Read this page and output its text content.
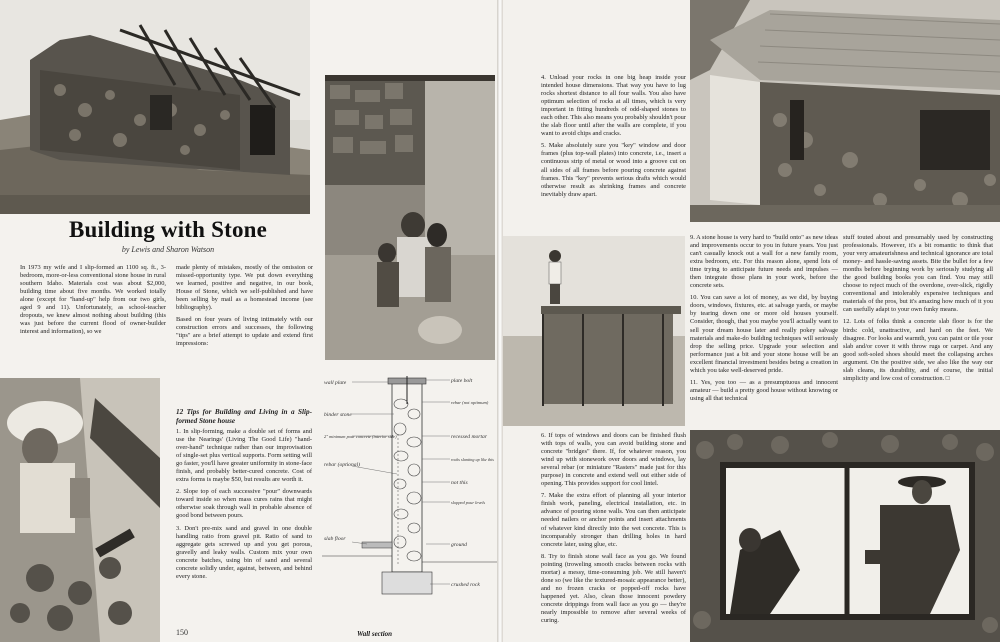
Building with Stone
by Lewis and Sharon Watson

In 1973 my wife and I slip-formed an 1100 sq. ft., 3-bedroom, more-or-less conventional stone house in rural southern Idaho. Materials cost was about $2,000, building time about five months. We worked totally alone (except for "hand-up" help from our two girls, aged 9 and 11). Unfortunately, as school-teacher dropouts, we knew almost nothing about building (this was just before the current flood of owner-builder interest and information), so we

made plenty of mistakes, mostly of the omission or missed-opportunity type. We put down everything we learned, positive and negative, in our book, House of Stone, which we self-published and have been selling by mail as a homestead income (see bibliography).

Based on four years of living intimately with our construction errors and successes, the following "tips" are a brief attempt to update and extend first impressions:

12 Tips for Building and Living in a Slip-formed Stone house

1. In slip-forming, make a double set of forms and use the Nearings' (Living The Good Life) "hand-over-hand" technique rather than our improvisation of single-set plus vertical supports. Form setting will go faster, you'll have greater uniformity in stone-face finish, and probably better-cured concrete. Cost of extra forms is maybe $50, but results are worth it.

2. Slope top of each successive "pour" downwards toward inside so when mass cures rains that might otherwise soak through wall in probable absence of good bond between pours.

3. Don't pre-mix sand and gravel in one double handling ratio from gravel pit. Ratio of sand to aggregate gets screwed up and you get porous, gravelly and leaky walls. Custom mix your own concrete batches, using bin of sand and several concrete solidly under, against, between, and behind every stone.

wall plate
binder stone
2" minimum pour concrete (interior side)
rebar (optional)
slab floor
plate bolt
rebar (not optimum)
recessed mortar
rocks slanting up like this
not this
slopped pour levels
ground
crushed rock
Wall section
150

4. Unload your rocks in one big heap inside your intended house dimensions. That way you have to lug rocks shortest distance to all four walls. You also have optimum selection of rocks at all times, which is very important in fitting hundreds of odd-shaped stones to each other. This also means you probably shouldn't pour the slab floor until after the walls are complete, if you want to avoid chips and cracks.

5. Make absolutely sure you "key" window and door frames (plus top-wall plates) into concrete, i.e., insert a continuous strip of metal or wood into a groove cut on all sides of all frames before pouring concrete against frames. This "key" prevents serious drafts which would otherwise result as shrinking frames and concrete inevitably draw apart.

6. If tops of windows and doors can be finished flush with tops of walls, you can avoid building stone and concrete "bridges" there. If, for whatever reason, you wind up with stonework over doors and windows, lay several rebar (or miniature "Rasters" made just for this purpose) in concrete and extend well out either side of opening. This provides support for cool lintel.

7. Make the extra effort of planning all your interior finish work, paneling, electrical installation, etc. in advance of pouring stone walls. You can then anticipate needed nailers or anchor points and insert attachments of whatever kind directly into the wet concrete. This is incomparably stronger than drilling holes in hard concrete later, using glue, etc.

8. Try to finish stone wall face as you go. We found pointing (troweling smooth cracks between rocks with mortar) a messy, time-consuming job. We still haven't done so (we like the textured-mosaic appearance better), and no frozen cracks or popped-off rocks have happened yet. Also, clean those innocent powdery concrete drippings from wall face as you go — they're nearly impossible to remove after several weeks of curing.

9. A stone house is very hard to "build onto" as new ideas and improvements occur to you in future years. You just can't casually knock out a wall for a new family room, extra bedroom, etc. For this reason alone, spend lots of time trying to anticipate future needs and impulses — then integrate those plans in your work, before the concrete sets.

10. You can save a lot of money, as we did, by buying doors, windows, fixtures, etc. at salvage yards, or maybe by tearing down one or more old houses yourself. Consider, though, that you maybe you'll actually want to sell your dream house later and really pokey salvage materials and make-do building techniques will seriously drop the selling price. Upgrade your selection and performance just a bit and your stone house will be an excellent financial investment besides being a creation in which you take well-deserved pride.

11. Yes, you too — as a presumptuous and innocent amateur — build a pretty good house without knowing or using all that technical

stuff touted about and presumably used by constructing professionals. However, it's a bit romantic to think that your very amateurishness and technical ignorance are total money- and hassle-saving assets. Bite the bullet for a few months before beginning work by seriously studying all the good building books you can find. You may still choose to reject much of the overdone, over-slick, rigidly conventional and intolerably expensive techniques and materials of the pros, but it's amazing how much of it you can usefully adapt to your own funky means.

12. Lots of folks think a concrete slab floor is for the birds: cold, unattractive, and hard on the feet. We disagree. For looks and warmth, you can paint or tile your slab and/or cover it with throw rugs or carpet. And any good soft-soled shoes should meet the collapsing arches argument. On the positive side, we also like the way our slab cleans, its durability, and of course, the initial simplicity and low cost of construction. □
